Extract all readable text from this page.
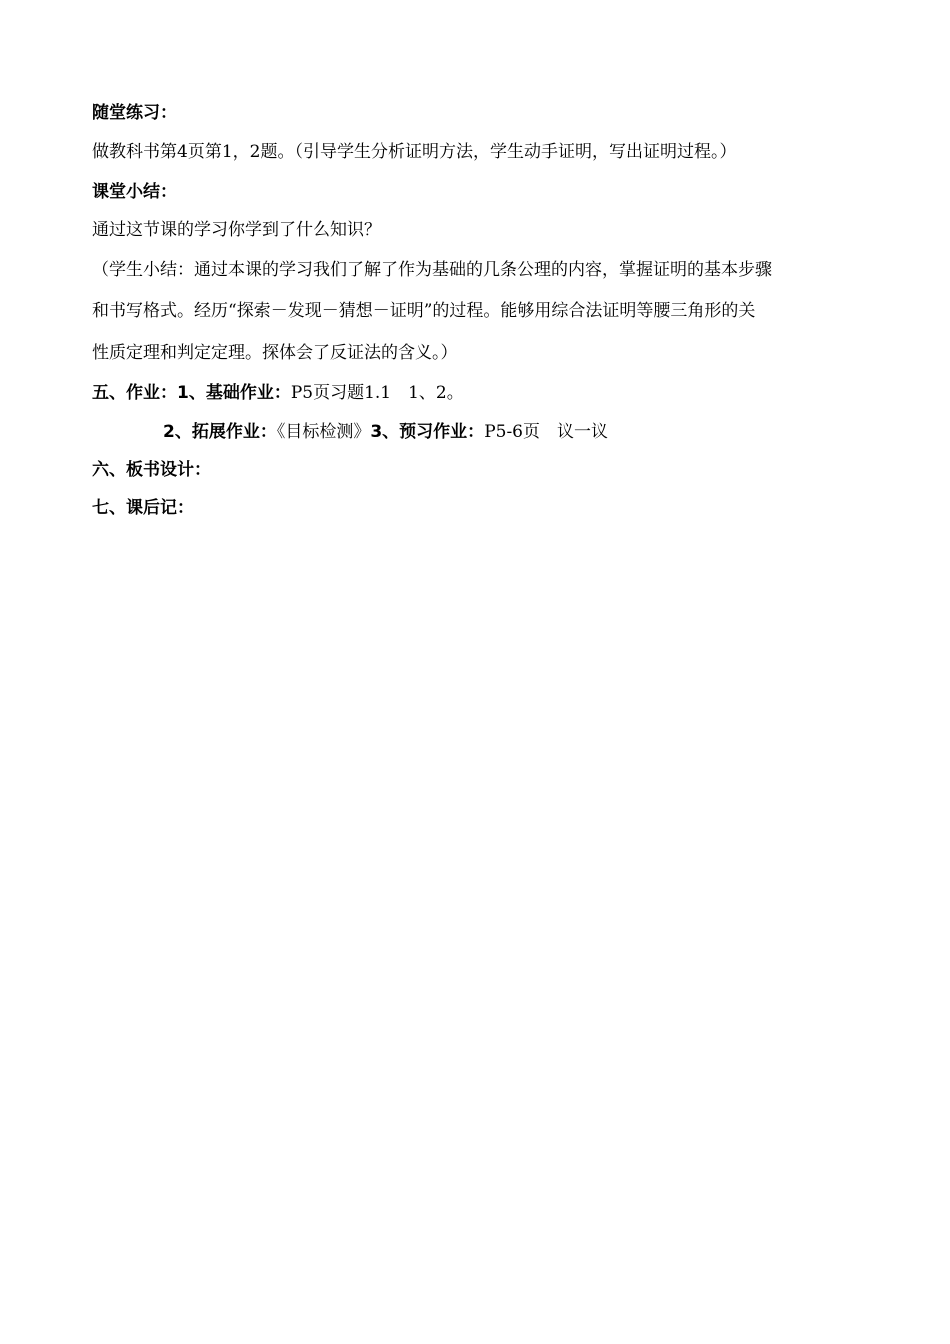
随堂练习：
做教科书第4页第1，2题。（引导学生分析证明方法，学生动手证明，写出证明过程。）
课堂小结：
通过这节课的学习你学到了什么知识？
（学生小结：通过本课的学习我们了解了作为基础的几条公理的内容，掌握证明的基本步骤
和书写格式。经历“探索－发现－猜想－证明”的过程。能够用综合法证明等腰三角形的关
性质定理和判定定理。探体会了反证法的含义。）
五、作业：1、基础作业：P5页习题1.1　1、2。
2、拓展作业：《目标检测》3、预习作业：P5-6页　议一议
六、板书设计：
七、课后记：
